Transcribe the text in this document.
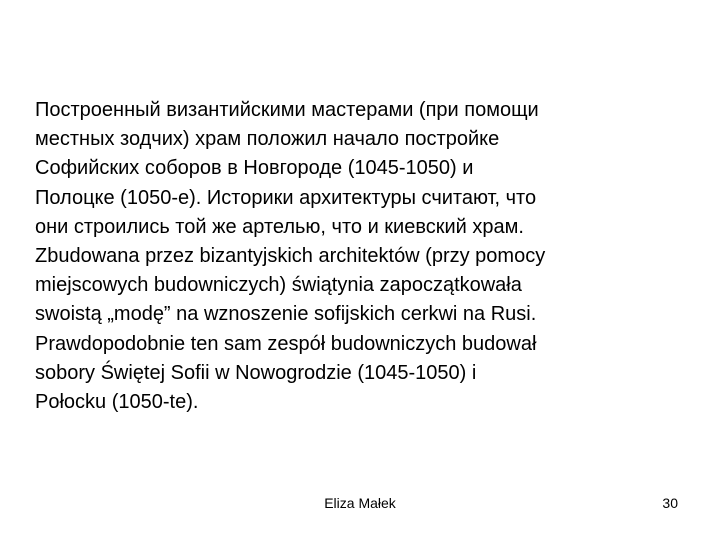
Построенный византийскими мастерами (при помощи
местных зодчих) храм положил начало постройке
Софийских соборов в Новгороде (1045-1050) и
Полоцке (1050-е). Историки архитектуры считают, что
они строились той же артелью, что и киевский храм.

Zbudowana przez bizantyjskich architektów (przy pomocy
miejscowych budowniczych) świątynia zapoczątkowała
swoistą „modę” na wznoszenie sofijskich cerkwi na Rusi.
Prawdopodobnie ten sam zespół budowniczych budował
sobory Świętej Sofii w Nowogrodzie (1045-1050) i
Połocku (1050-te).

Eliza Małek	30
